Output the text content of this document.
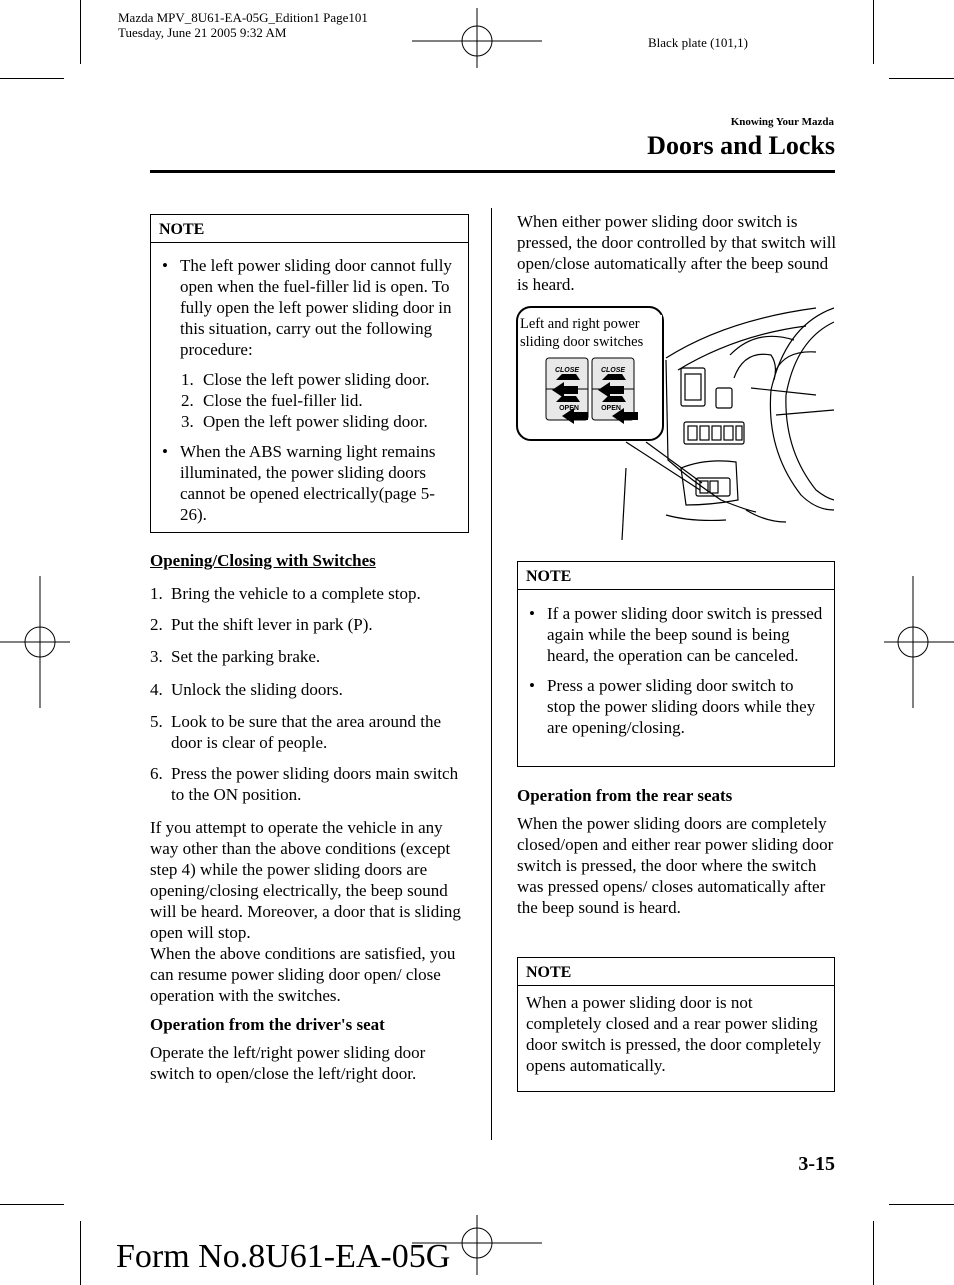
Mazda MPV_8U61-EA-05G_Edition1 Page101
Tuesday, June 21 2005 9:32 AM
Black plate (101,1)
Knowing Your Mazda
Doors and Locks
NOTE
• The left power sliding door cannot fully open when the fuel-filler lid is open. To fully open the left power sliding door in this situation, carry out the following procedure:
1. Close the left power sliding door.
2. Close the fuel-filler lid.
3. Open the left power sliding door.
• When the ABS warning light remains illuminated, the power sliding doors cannot be opened electrically(page 5-26).
Opening/Closing with Switches
1. Bring the vehicle to a complete stop.
2. Put the shift lever in park (P).
3. Set the parking brake.
4. Unlock the sliding doors.
5. Look to be sure that the area around the door is clear of people.
6. Press the power sliding doors main switch to the ON position.
If you attempt to operate the vehicle in any way other than the above conditions (except step 4) while the power sliding doors are opening/closing electrically, the beep sound will be heard. Moreover, a door that is sliding open will stop.
When the above conditions are satisfied, you can resume power sliding door open/ close operation with the switches.
Operation from the driver's seat
Operate the left/right power sliding door switch to open/close the left/right door.
When either power sliding door switch is pressed, the door controlled by that switch will open/close automatically after the beep sound is heard.
CLOSE	CLOSE
OPEN	OPEN
Left and right power sliding door switches
NOTE
• If a power sliding door switch is pressed again while the beep sound is being heard, the operation can be canceled.
• Press a power sliding door switch to stop the power sliding doors while they are opening/closing.
Operation from the rear seats
When the power sliding doors are completely closed/open and either rear power sliding door switch is pressed, the door where the switch was pressed opens/ closes automatically after the beep sound is heard.
NOTE
When a power sliding door is not completely closed and a rear power sliding door switch is pressed, the door completely opens automatically.
3-15
Form No.8U61-EA-05G
